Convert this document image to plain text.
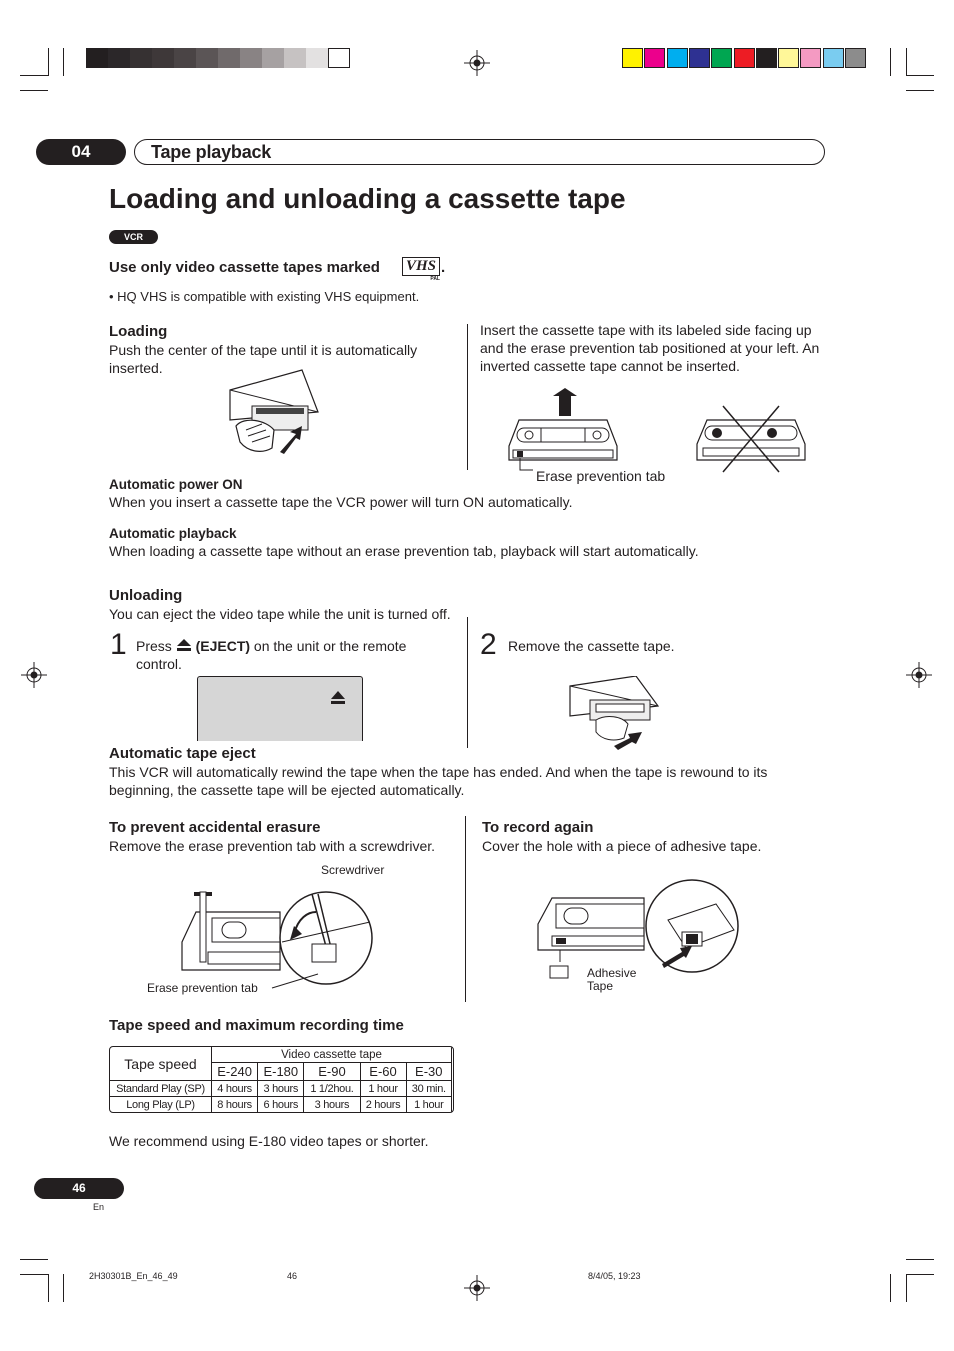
04	Tape playback
Loading and unloading a cassette tape
VCR
Use only video cassette tapes marked VHS
PAL
.
• HQ VHS is compatible with existing VHS equipment.
Loading
Push the center of the tape until it is automatically inserted.
Insert the cassette tape with its labeled side facing up and the erase prevention tab positioned at your left. An inverted cassette tape cannot be inserted.
Erase prevention tab
Automatic power ON
When you insert a cassette tape the VCR power will turn ON automatically.
Automatic playback
When loading a cassette tape without an erase prevention tab, playback will start automatically.
Unloading
You can eject the video tape while the unit is turned off.
1 Press (EJECT) on the unit or the remote control.
2 Remove the cassette tape.
Automatic tape eject
This VCR will automatically rewind the tape when the tape has ended. And when the tape is rewound to its beginning, the cassette tape will be ejected automatically.
To prevent accidental erasure
Remove the erase prevention tab with a screwdriver.
Screwdriver
Erase prevention tab
To record again
Cover the hole with a piece of adhesive tape.
Adhesive
Tape
Tape speed and maximum recording time
Tape speed	Video cassette tape				
	E-240	E-180	E-90	E-60	E-30
Standard Play (SP)	4 hours	3 hours	1 1/2hou.	1 hour	30 min.
Long Play (LP)	8 hours	6 hours	3 hours	2 hours	1 hour
We recommend using E-180 video tapes or shorter.
46
En
2H30301B_En_46_49	46	8/4/05, 19:23
